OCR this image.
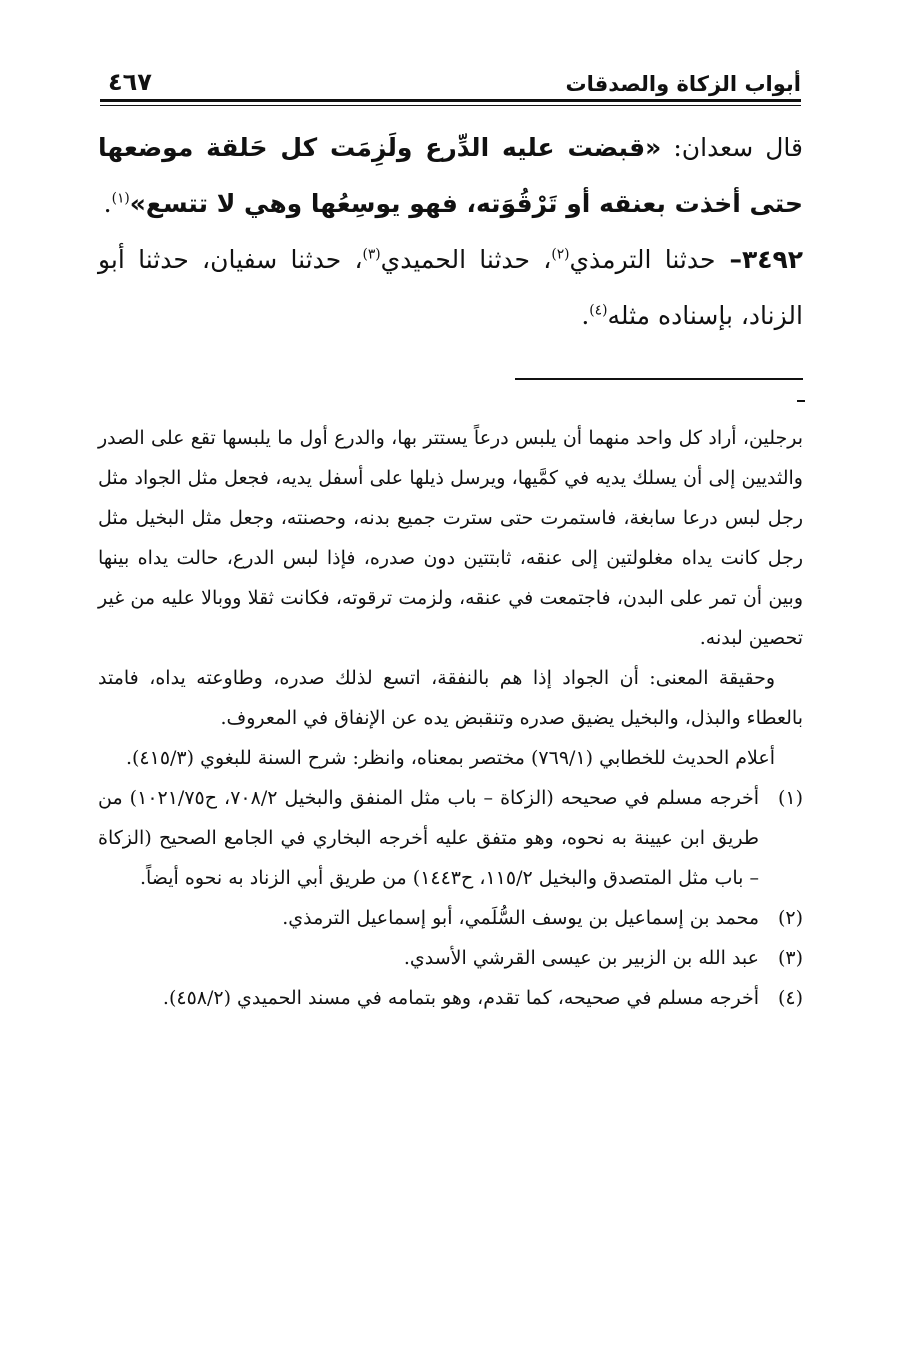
أبواب الزكاة والصدقات
٤٦٧

قال سعدان: «قبضت عليه الدِّرع ولَزِمَت كل حَلقة موضعها حتى أخذت بعنقه أو تَرْقُوَته، فهو يوسِعُها وهي لا تتسع»$^{(١)}$.

٣٤٩٢– حدثنا الترمذي$^{(٢)}$، حدثنا الحميدي$^{(٣)}$، حدثنا سفيان، حدثنا أبو الزناد، بإسناده مثله$^{(٤)}$.

برجلين، أراد كل واحد منهما أن يلبس درعاً يستتر بها، والدرع أول ما يلبسها تقع على الصدر والثديين إلى أن يسلك يديه في كمَّيها، ويرسل ذيلها على أسفل يديه، فجعل مثل الجواد مثل رجل لبس درعا سابغة، فاستمرت حتى سترت جميع بدنه، وحصنته، وجعل مثل البخيل مثل رجل كانت يداه مغلولتين إلى عنقه، ثابتتين دون صدره، فإذا لبس الدرع، حالت يداه بينها وبين أن تمر على البدن، فاجتمعت في عنقه، ولزمت ترقوته، فكانت ثقلا ووبالا عليه من غير تحصين لبدنه.

وحقيقة المعنى: أن الجواد إذا هم بالنفقة، اتسع لذلك صدره، وطاوعته يداه، فامتد بالعطاء والبذل، والبخيل يضيق صدره وتنقبض يده عن الإنفاق في المعروف.

أعلام الحديث للخطابي (٧٦٩/١) مختصر بمعناه، وانظر: شرح السنة للبغوي (٤١٥/٣).

(١)
أخرجه مسلم في صحيحه (الزكاة – باب مثل المنفق والبخيل ٧٠٨/٢، ح١٠٢١/٧٥) من طريق ابن عيينة به نحوه، وهو متفق عليه أخرجه البخاري في الجامع الصحيح (الزكاة – باب مثل المتصدق والبخيل ١١٥/٢، ح١٤٤٣) من طريق أبي الزناد به نحوه أيضاً.
(٢)
محمد بن إسماعيل بن يوسف السُّلَمي، أبو إسماعيل الترمذي.
(٣)
عبد الله بن الزبير بن عيسى القرشي الأسدي.
(٤)
أخرجه مسلم في صحيحه، كما تقدم، وهو بتمامه في مسند الحميدي (٤٥٨/٢).
